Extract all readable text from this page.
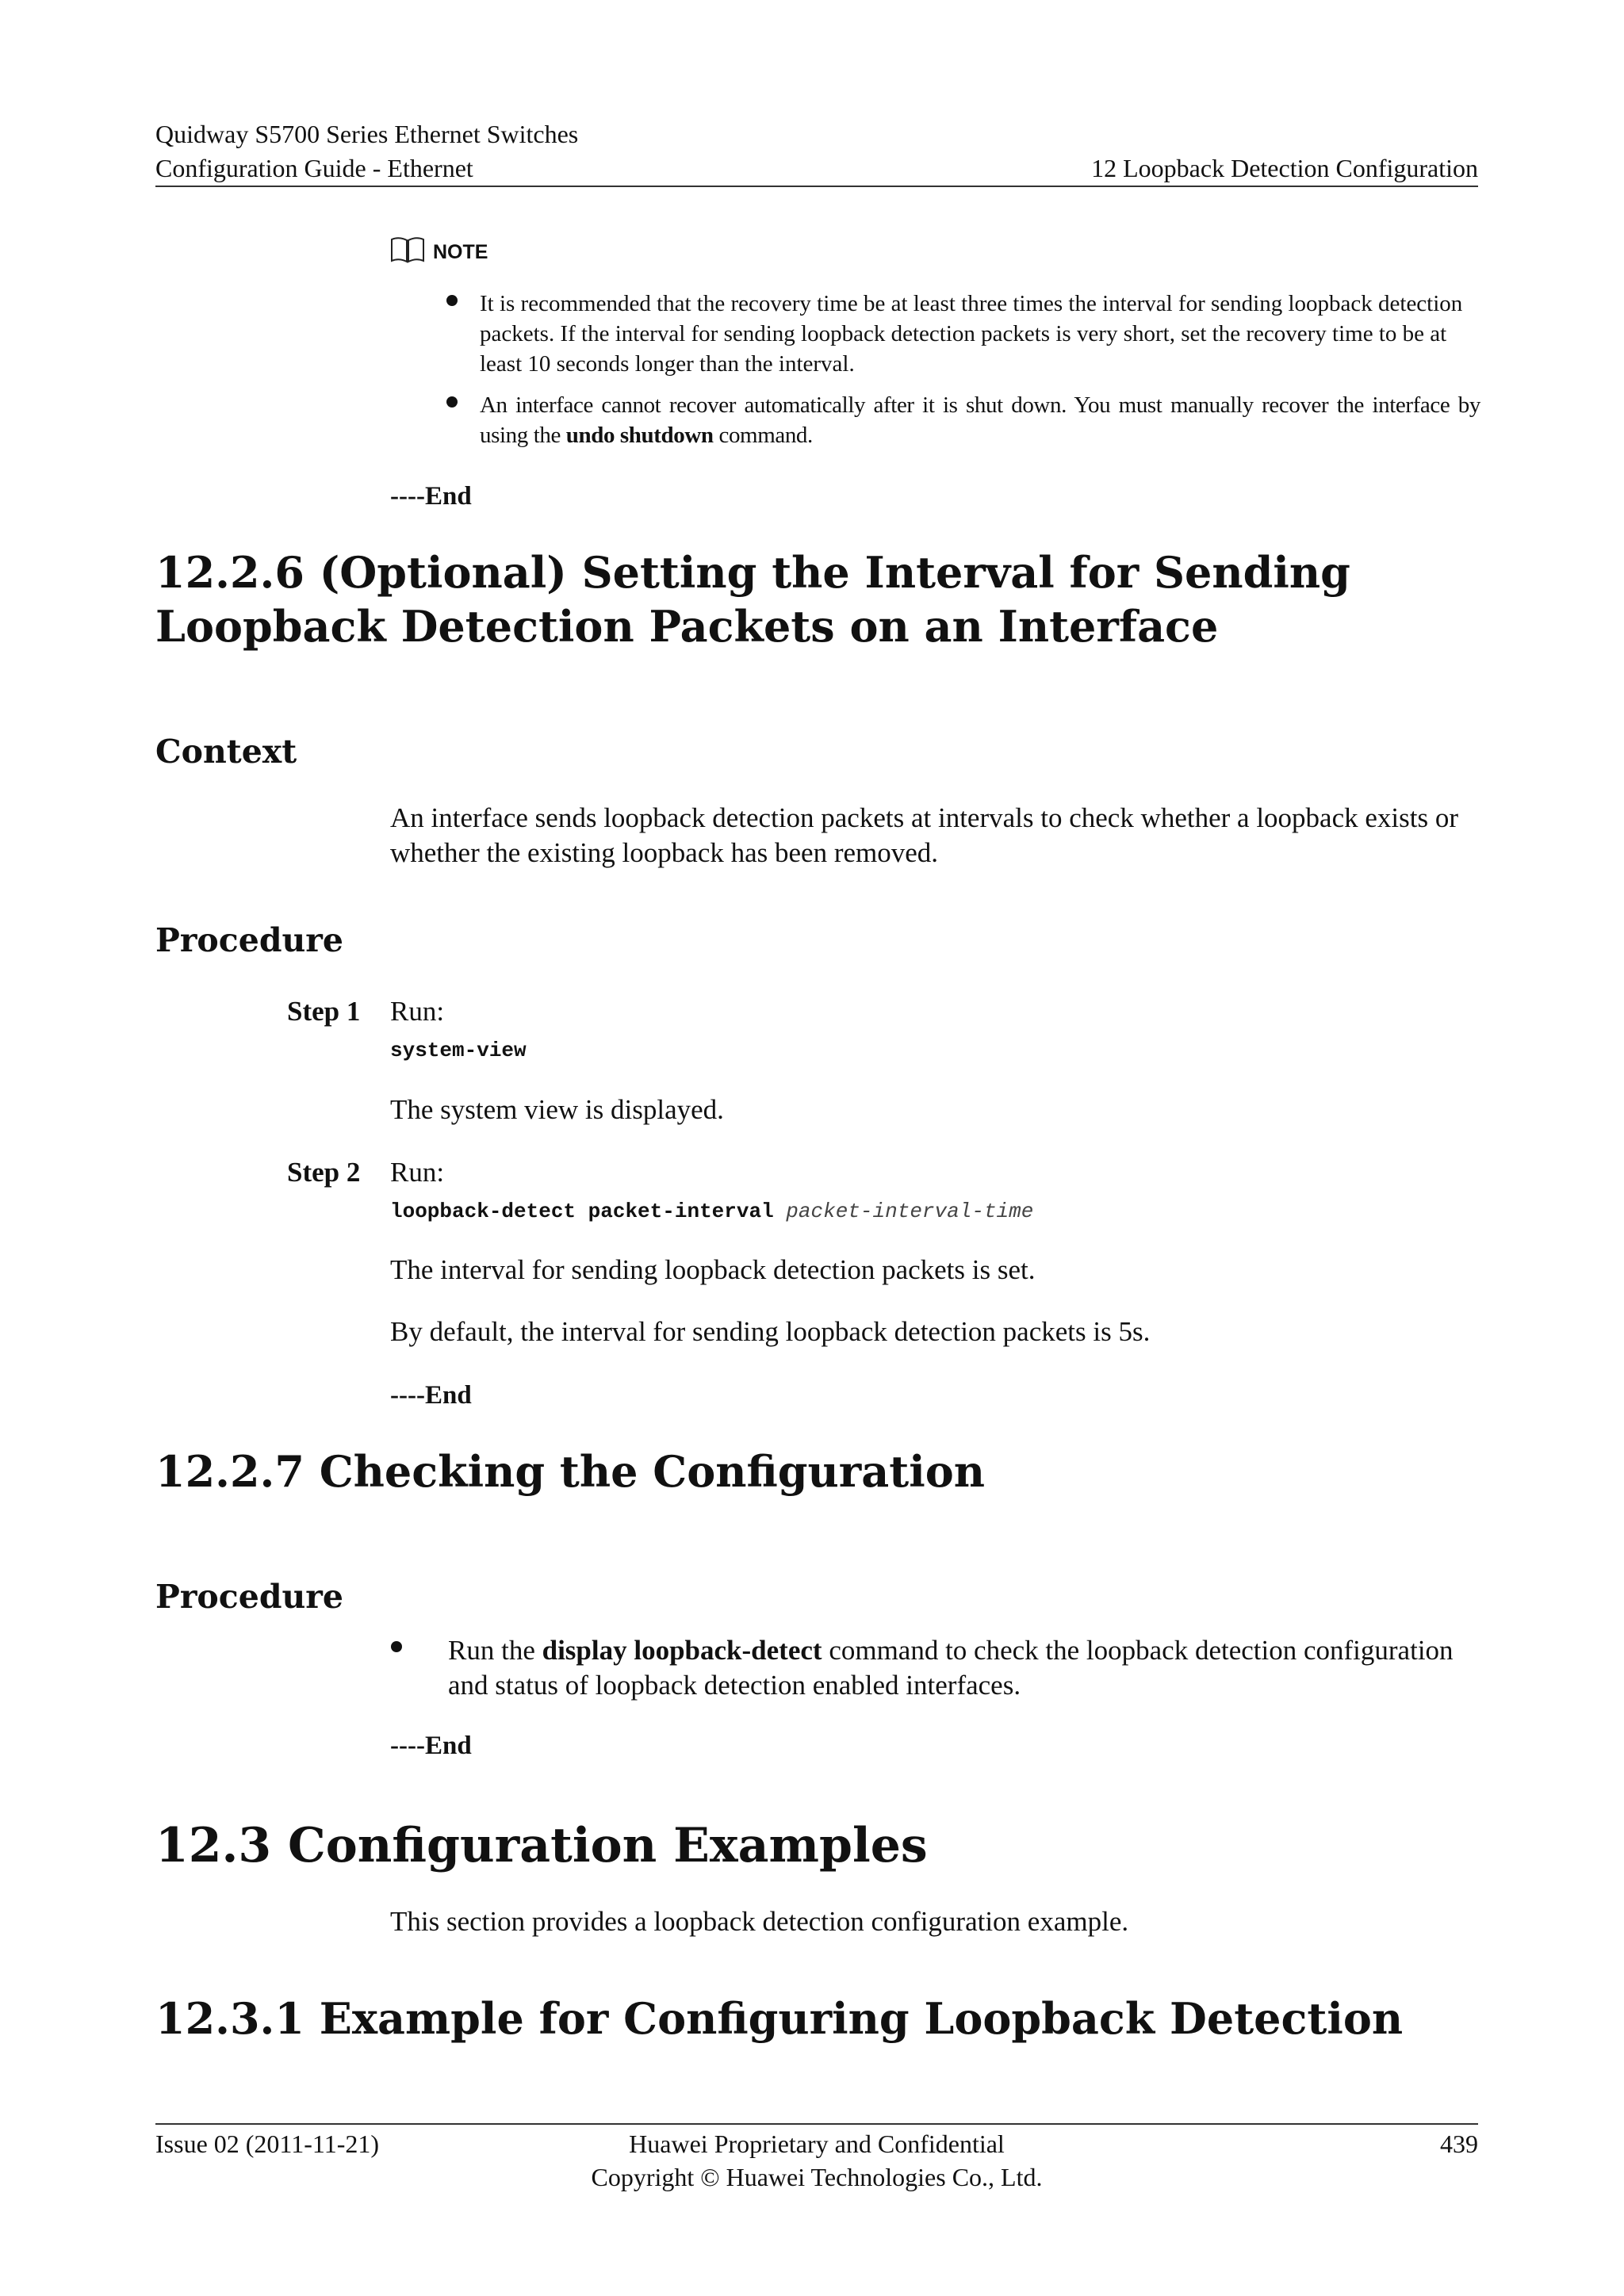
Quidway S5700 Series Ethernet Switches
Configuration Guide - Ethernet	12 Loopback Detection Configuration
NOTE
It is recommended that the recovery time be at least three times the interval for sending loopback detection packets. If the interval for sending loopback detection packets is very short, set the recovery time to be at least 10 seconds longer than the interval.
An interface cannot recover automatically after it is shut down. You must manually recover the interface by using the undo shutdown command.
----End
12.2.6 (Optional) Setting the Interval for Sending Loopback Detection Packets on an Interface
Context
An interface sends loopback detection packets at intervals to check whether a loopback exists or whether the existing loopback has been removed.
Procedure
Step 1 Run:
system-view
The system view is displayed.
Step 2 Run:
loopback-detect packet-interval packet-interval-time
The interval for sending loopback detection packets is set.
By default, the interval for sending loopback detection packets is 5s.
----End
12.2.7 Checking the Configuration
Procedure
Run the display loopback-detect command to check the loopback detection configuration and status of loopback detection enabled interfaces.
----End
12.3 Configuration Examples
This section provides a loopback detection configuration example.
12.3.1 Example for Configuring Loopback Detection
Issue 02 (2011-11-21)	Huawei Proprietary and Confidential
Copyright © Huawei Technologies Co., Ltd.
439
